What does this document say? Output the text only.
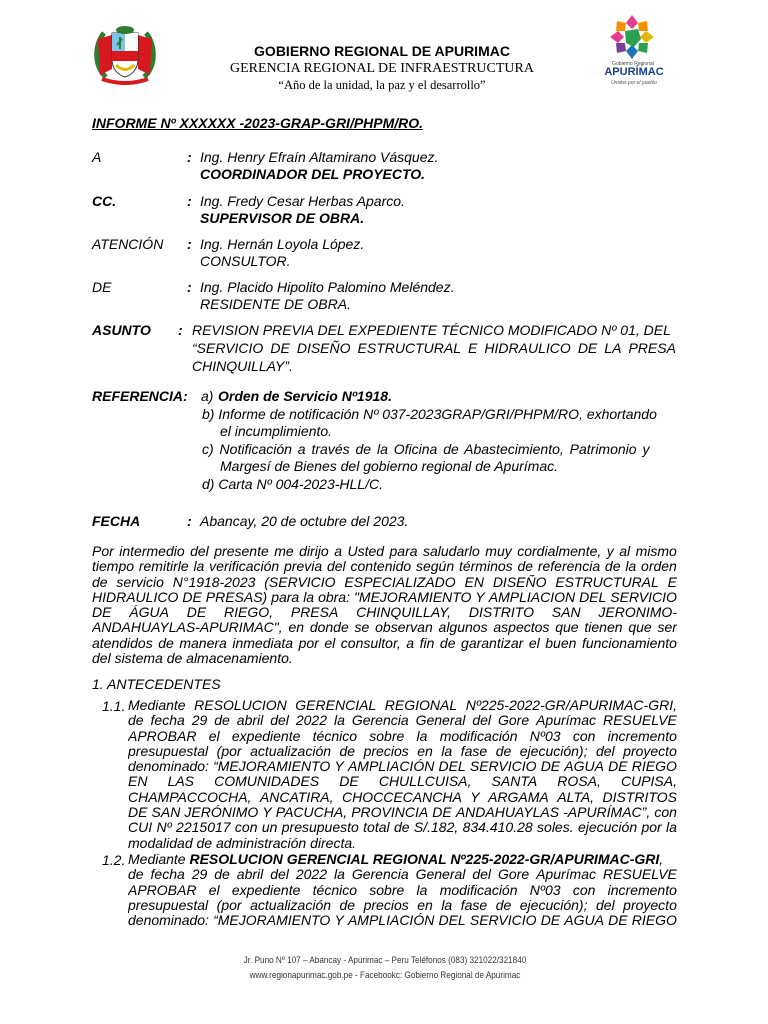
Gobierno Regional
APURÍMAC
Unidos por el pueblo
GOBIERNO REGIONAL DE APURIMAC
GERENCIA REGIONAL DE INFRAESTRUCTURA
“Año de la unidad, la paz y el desarrollo”
INFORME Nº XXXXXX -2023-GRAP-GRI/PHPM/RO.
A	: Ing. Henry Efraín Altamirano Vásquez.
COORDINADOR DEL PROYECTO.
CC.	: Ing. Fredy Cesar Herbas Aparco.
SUPERVISOR DE OBRA.
ATENCIÓN : Ing. Hernán Loyola López.
CONSULTOR.
DE	: Ing. Placido Hipolito Palomino Meléndez.
RESIDENTE DE OBRA.
ASUNTO : REVISION PREVIA DEL EXPEDIENTE TÉCNICO MODIFICADO Nº 01, DEL
“SERVICIO DE DISEÑO ESTRUCTURAL E HIDRAULICO DE LA PRESA
CHINQUILLAY”.
REFERENCIA: a) Orden de Servicio Nº1918.
b) Informe de notificación Nº 037-2023GRAP/GRI/PHPM/RO, exhortando
el incumplimiento.
c) Notificación a través de la Oficina de Abastecimiento, Patrimonio y
Margesí de Bienes del gobierno regional de Apurímac.
d) Carta Nº 004-2023-HLL/C.
FECHA	: Abancay, 20 de octubre del 2023.
Por intermedio del presente me dirijo a Usted para saludarlo muy cordialmente, y al mismo
tiempo remitirle la verificación previa del contenido según términos de referencia de la orden
de servicio N°1918-2023 (SERVICIO ESPECIALIZADO EN DISEÑO ESTRUCTURAL E
HIDRAULICO DE PRESAS) para la obra: "MEJORAMIENTO Y AMPLIACION DEL SERVICIO
DE ÁGUA DE RIEGO, PRESA CHINQUILLAY, DISTRITO SAN JERONIMO-
ANDAHUAYLAS-APURIMAC", en donde se observan algunos aspectos que tienen que ser
atendidos de manera inmediata por el consultor, a fin de garantizar el buen funcionamiento
del sistema de almacenamiento.
1. ANTECEDENTES
1.1. Mediante RESOLUCION GERENCIAL REGIONAL Nº225-2022-GR/APURIMAC-GRI,
de fecha 29 de abril del 2022 la Gerencia General del Gore Apurímac RESUELVE
APROBAR el expediente técnico sobre la modificación Nº03 con incremento
presupuestal (por actualización de precios en la fase de ejecución); del proyecto
denominado: “MEJORAMIENTO Y AMPLIACIÓN DEL SERVICIO DE AGUA DE RIEGO
EN LAS COMUNIDADES DE CHULLCUISA, SANTA ROSA, CUPISA,
CHAMPACCOCHA, ANCATIRA, CHOCCECANCHA Y ARGAMA ALTA, DISTRITOS
DE SAN JERÓNIMO Y PACUCHA, PROVINCIA DE ANDAHUAYLAS -APURÍMAC”, con
CUI Nº 2215017 con un presupuesto total de S/.182, 834.410.28 soles. ejecución por la
modalidad de administración directa.
1.2. Mediante RESOLUCION GERENCIAL REGIONAL Nº225-2022-GR/APURIMAC-GRI,
de fecha 29 de abril del 2022 la Gerencia General del Gore Apurímac RESUELVE
APROBAR el expediente técnico sobre la modificación Nº03 con incremento
presupuestal (por actualización de precios en la fase de ejecución); del proyecto
denominado: “MEJORAMIENTO Y AMPLIACIÓN DEL SERVICIO DE AGUA DE RIEGO
Jr. Puno Nº 107 – Abancay - Apurimac – Peru Teléfonos (083) 321022/321840
www.regionapurimac.gob.pe - Facebookc: Gobierno Regional de Apurimac
